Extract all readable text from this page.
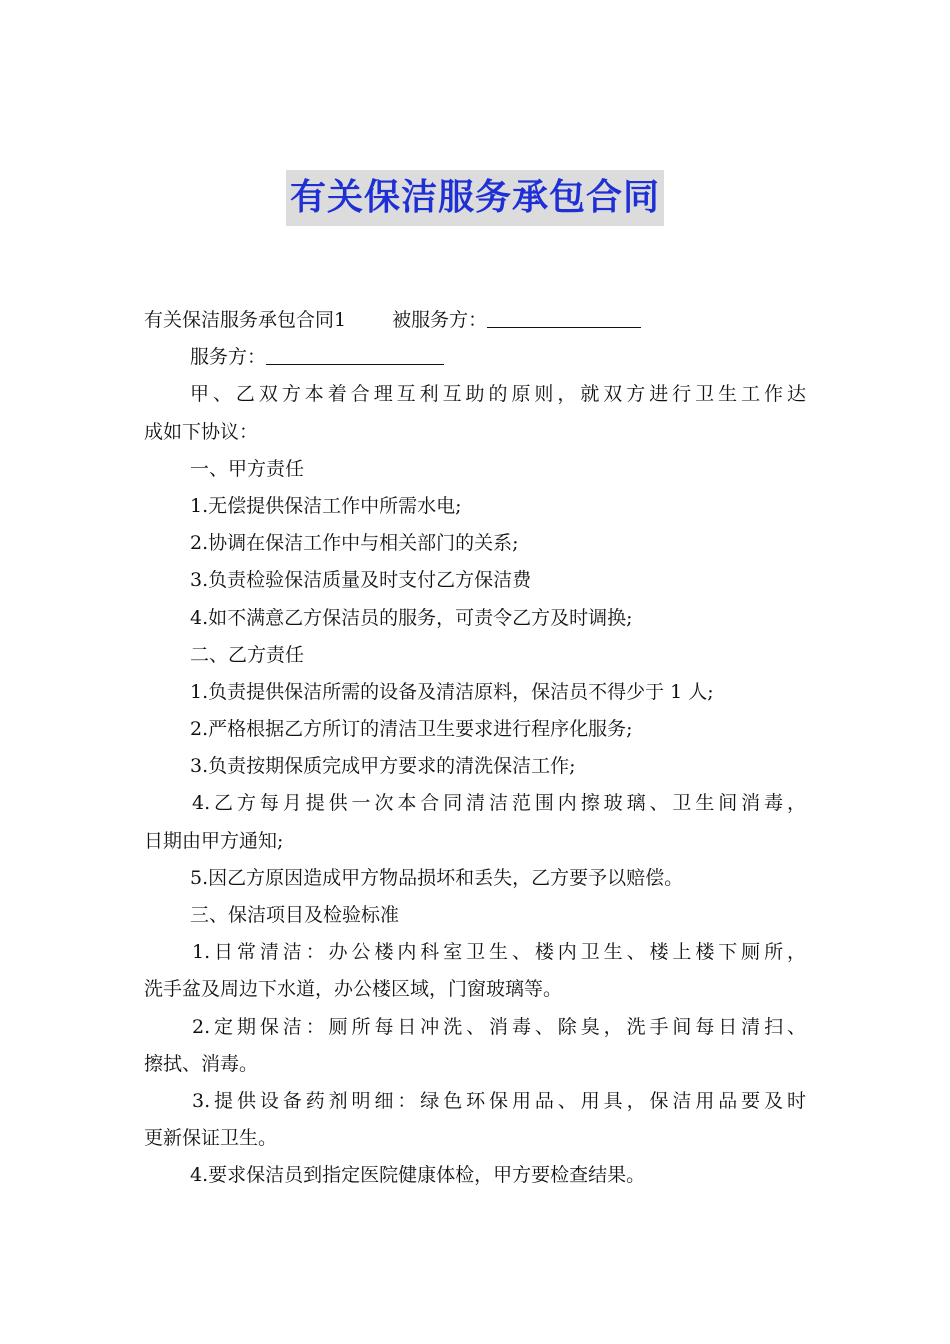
有关保洁服务承包合同
有关保洁服务承包合同1 被服务方：
服务方：
甲、乙双方本着合理互利互助的原则，就双方进行卫生工作达
成如下协议：
一、甲方责任
1.无偿提供保洁工作中所需水电;
2.协调在保洁工作中与相关部门的关系;
3.负责检验保洁质量及时支付乙方保洁费
4.如不满意乙方保洁员的服务，可责令乙方及时调换;
二、乙方责任
1.负责提供保洁所需的设备及清洁原料，保洁员不得少于 1 人;
2.严格根据乙方所订的清洁卫生要求进行程序化服务;
3.负责按期保质完成甲方要求的清洗保洁工作;
4.乙方每月提供一次本合同清洁范围内擦玻璃、卫生间消毒，
日期由甲方通知;
5.因乙方原因造成甲方物品损坏和丢失，乙方要予以赔偿。
三、保洁项目及检验标准
1.日常清洁：办公楼内科室卫生、楼内卫生、楼上楼下厕所，
洗手盆及周边下水道，办公楼区域，门窗玻璃等。
2.定期保洁：厕所每日冲洗、消毒、除臭，洗手间每日清扫、
擦拭、消毒。
3.提供设备药剂明细：绿色环保用品、用具，保洁用品要及时
更新保证卫生。
4.要求保洁员到指定医院健康体检，甲方要检查结果。
